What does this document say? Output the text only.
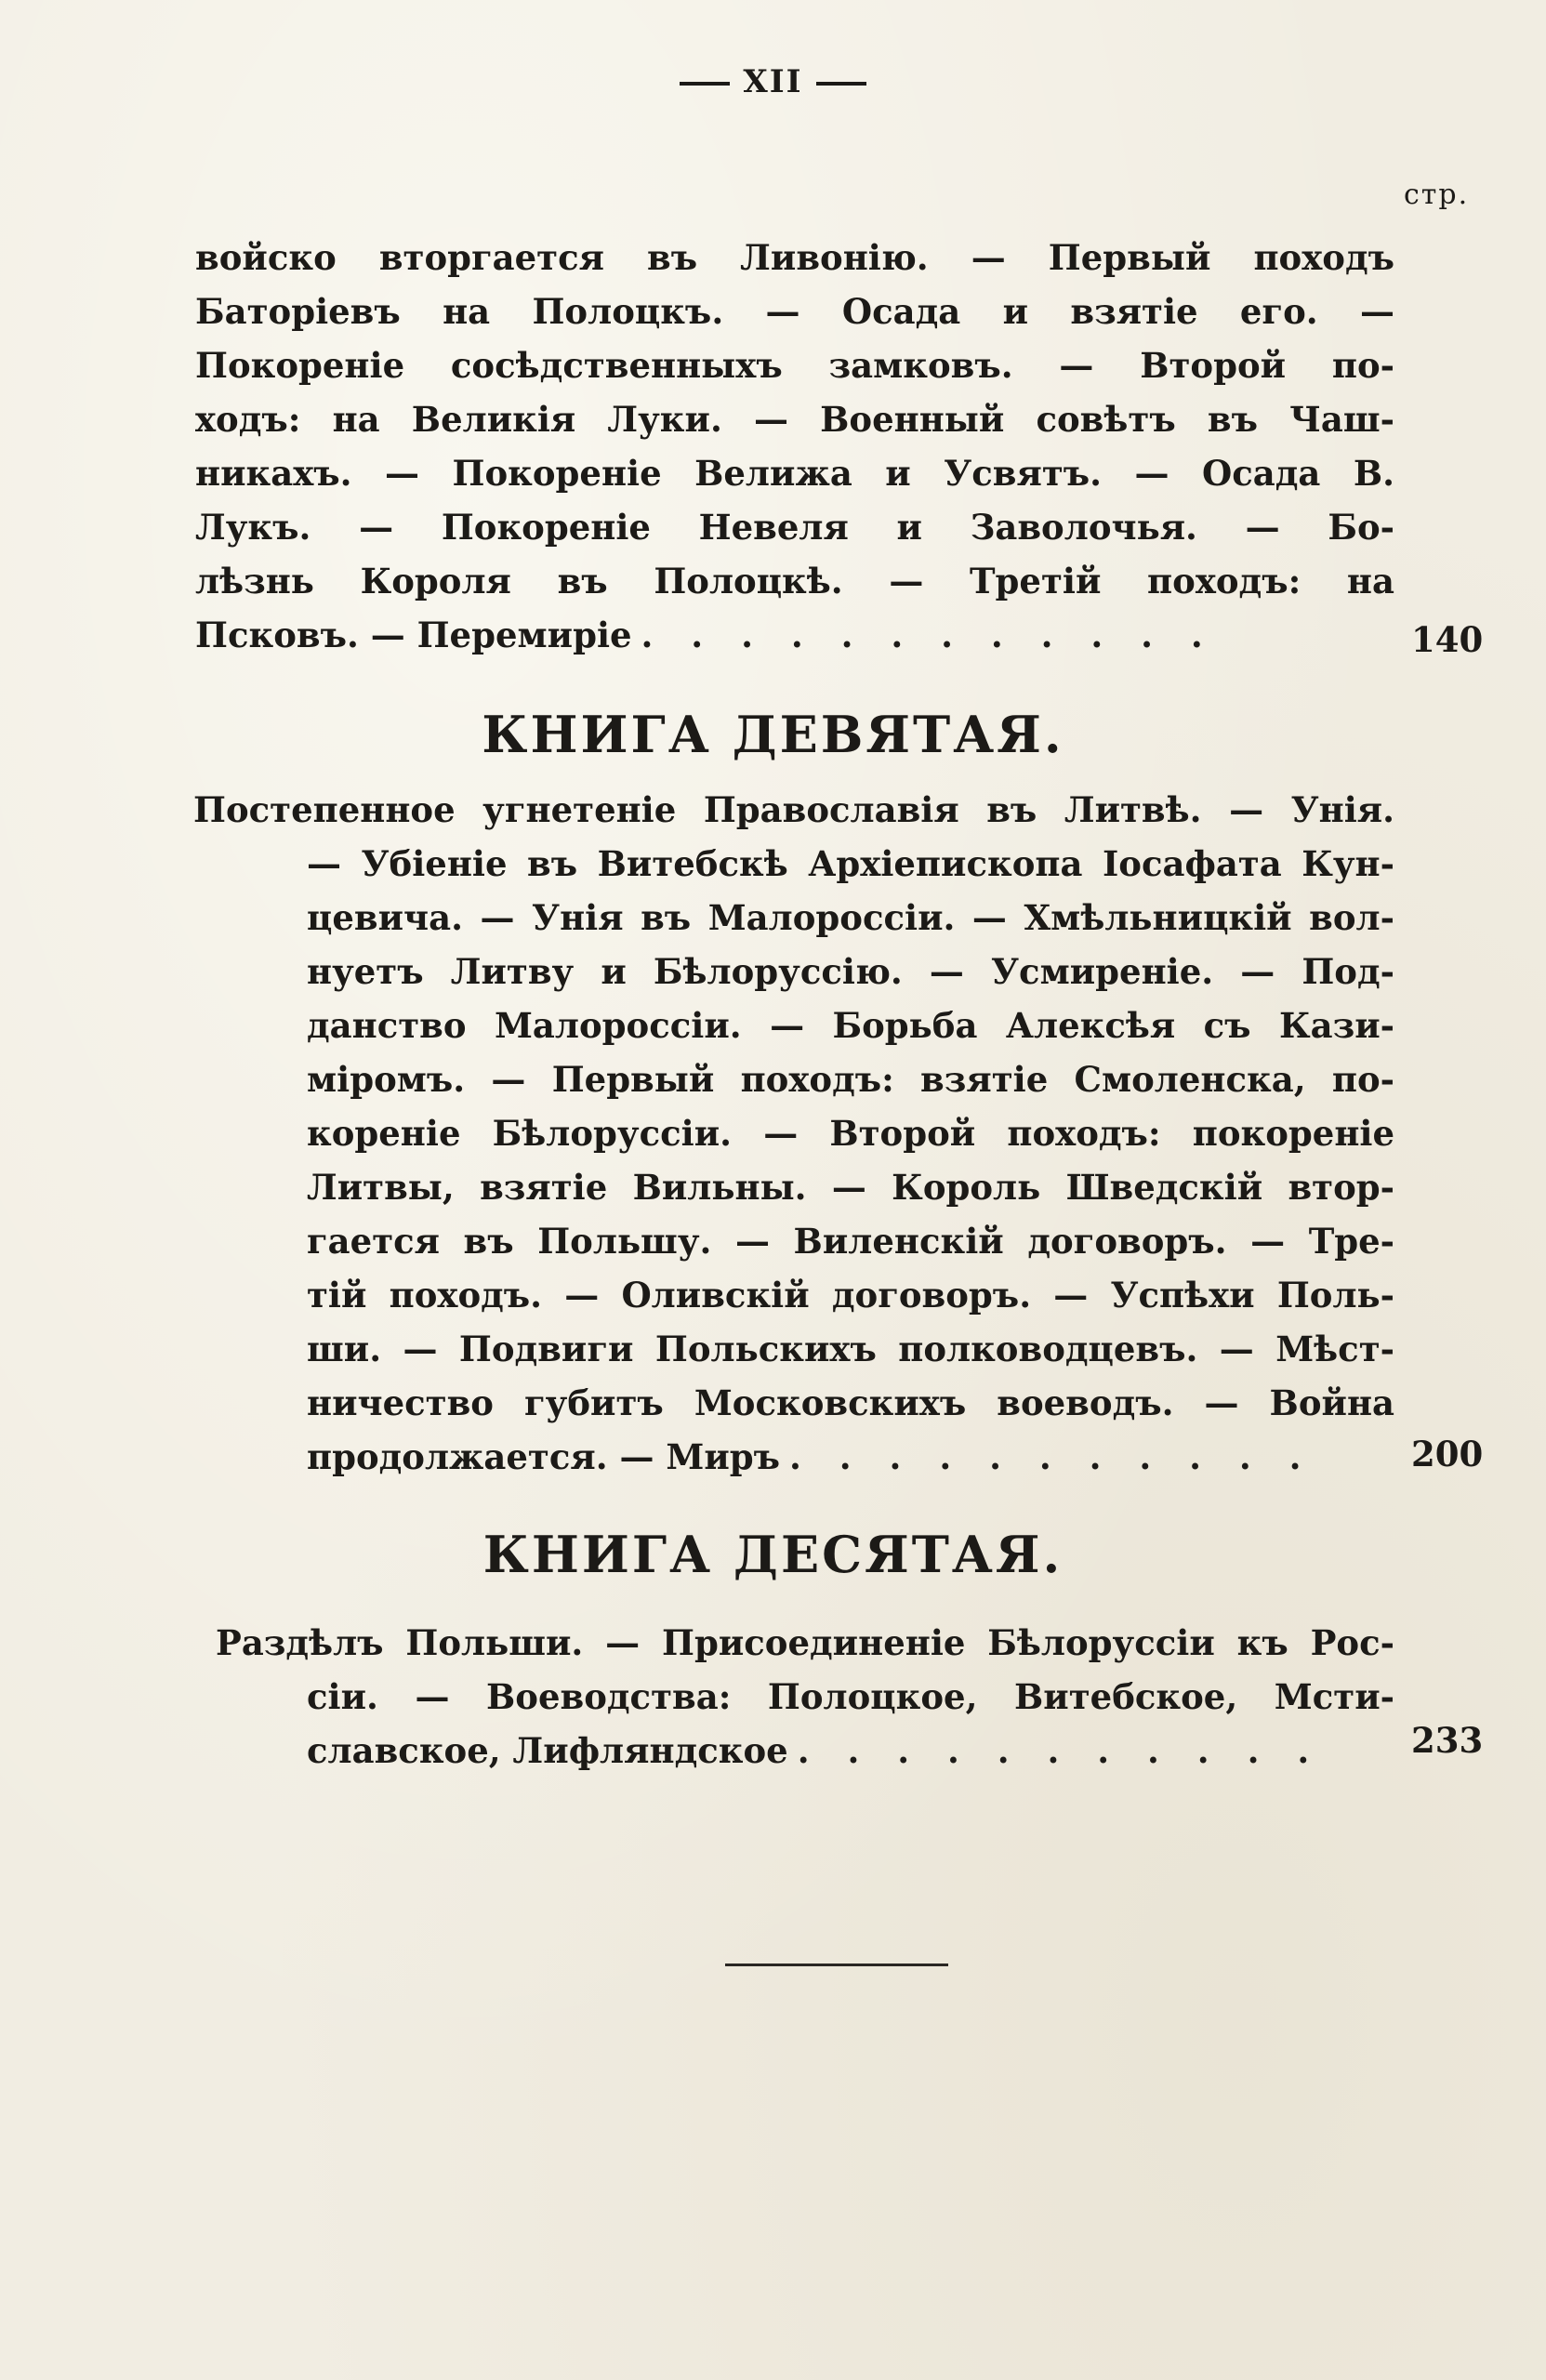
XII
стр.
войско вторгается въ Ливонію. — Первый походъ
Баторіевъ на Полоцкъ. — Осада и взятіе его. —
Покореніе сосѣдственныхъ замковъ. — Второй по-
ходъ: на Великія Луки. — Военный совѣтъ въ Чаш-
никахъ. — Покореніе Велижа и Усвятъ. — Осада В.
Лукъ. — Покореніе Невеля и Заволочья. — Бо-
лѣзнь Короля въ Полоцкѣ. — Третій походъ: на
Псковъ. — Перемиріе . . . . . . . . . . . .	140
КНИГА ДЕВЯТАЯ.
Постепенное угнетеніе Православія въ Литвѣ. — Унія.
— Убіеніе въ Витебскѣ Архіепископа Іосафата Кун-
цевича. — Унія въ Малороссіи. — Хмѣльницкій вол-
нуетъ Литву и Бѣлоруссію. — Усмиреніе. — Под-
данство Малороссіи. — Борьба Алексѣя съ Кази-
міромъ. — Первый походъ: взятіе Смоленска, по-
кореніе Бѣлоруссіи. — Второй походъ: покореніе
Литвы, взятіе Вильны. — Король Шведскій втор-
гается въ Польшу. — Виленскій договоръ. — Тре-
тій походъ. — Оливскій договоръ. — Успѣхи Поль-
ши. — Подвиги Польскихъ полководцевъ. — Мѣст-
ничество губитъ Московскихъ воеводъ. — Война
продолжается. — Миръ . . . . . . . . . . .	200
КНИГА ДЕСЯТАЯ.
Раздѣлъ Польши. — Присоединеніе Бѣлоруссіи къ Рос-
сіи. — Воеводства: Полоцкое, Витебское, Мсти-
славское, Лифляндское . . . . . . . . . . .	233
